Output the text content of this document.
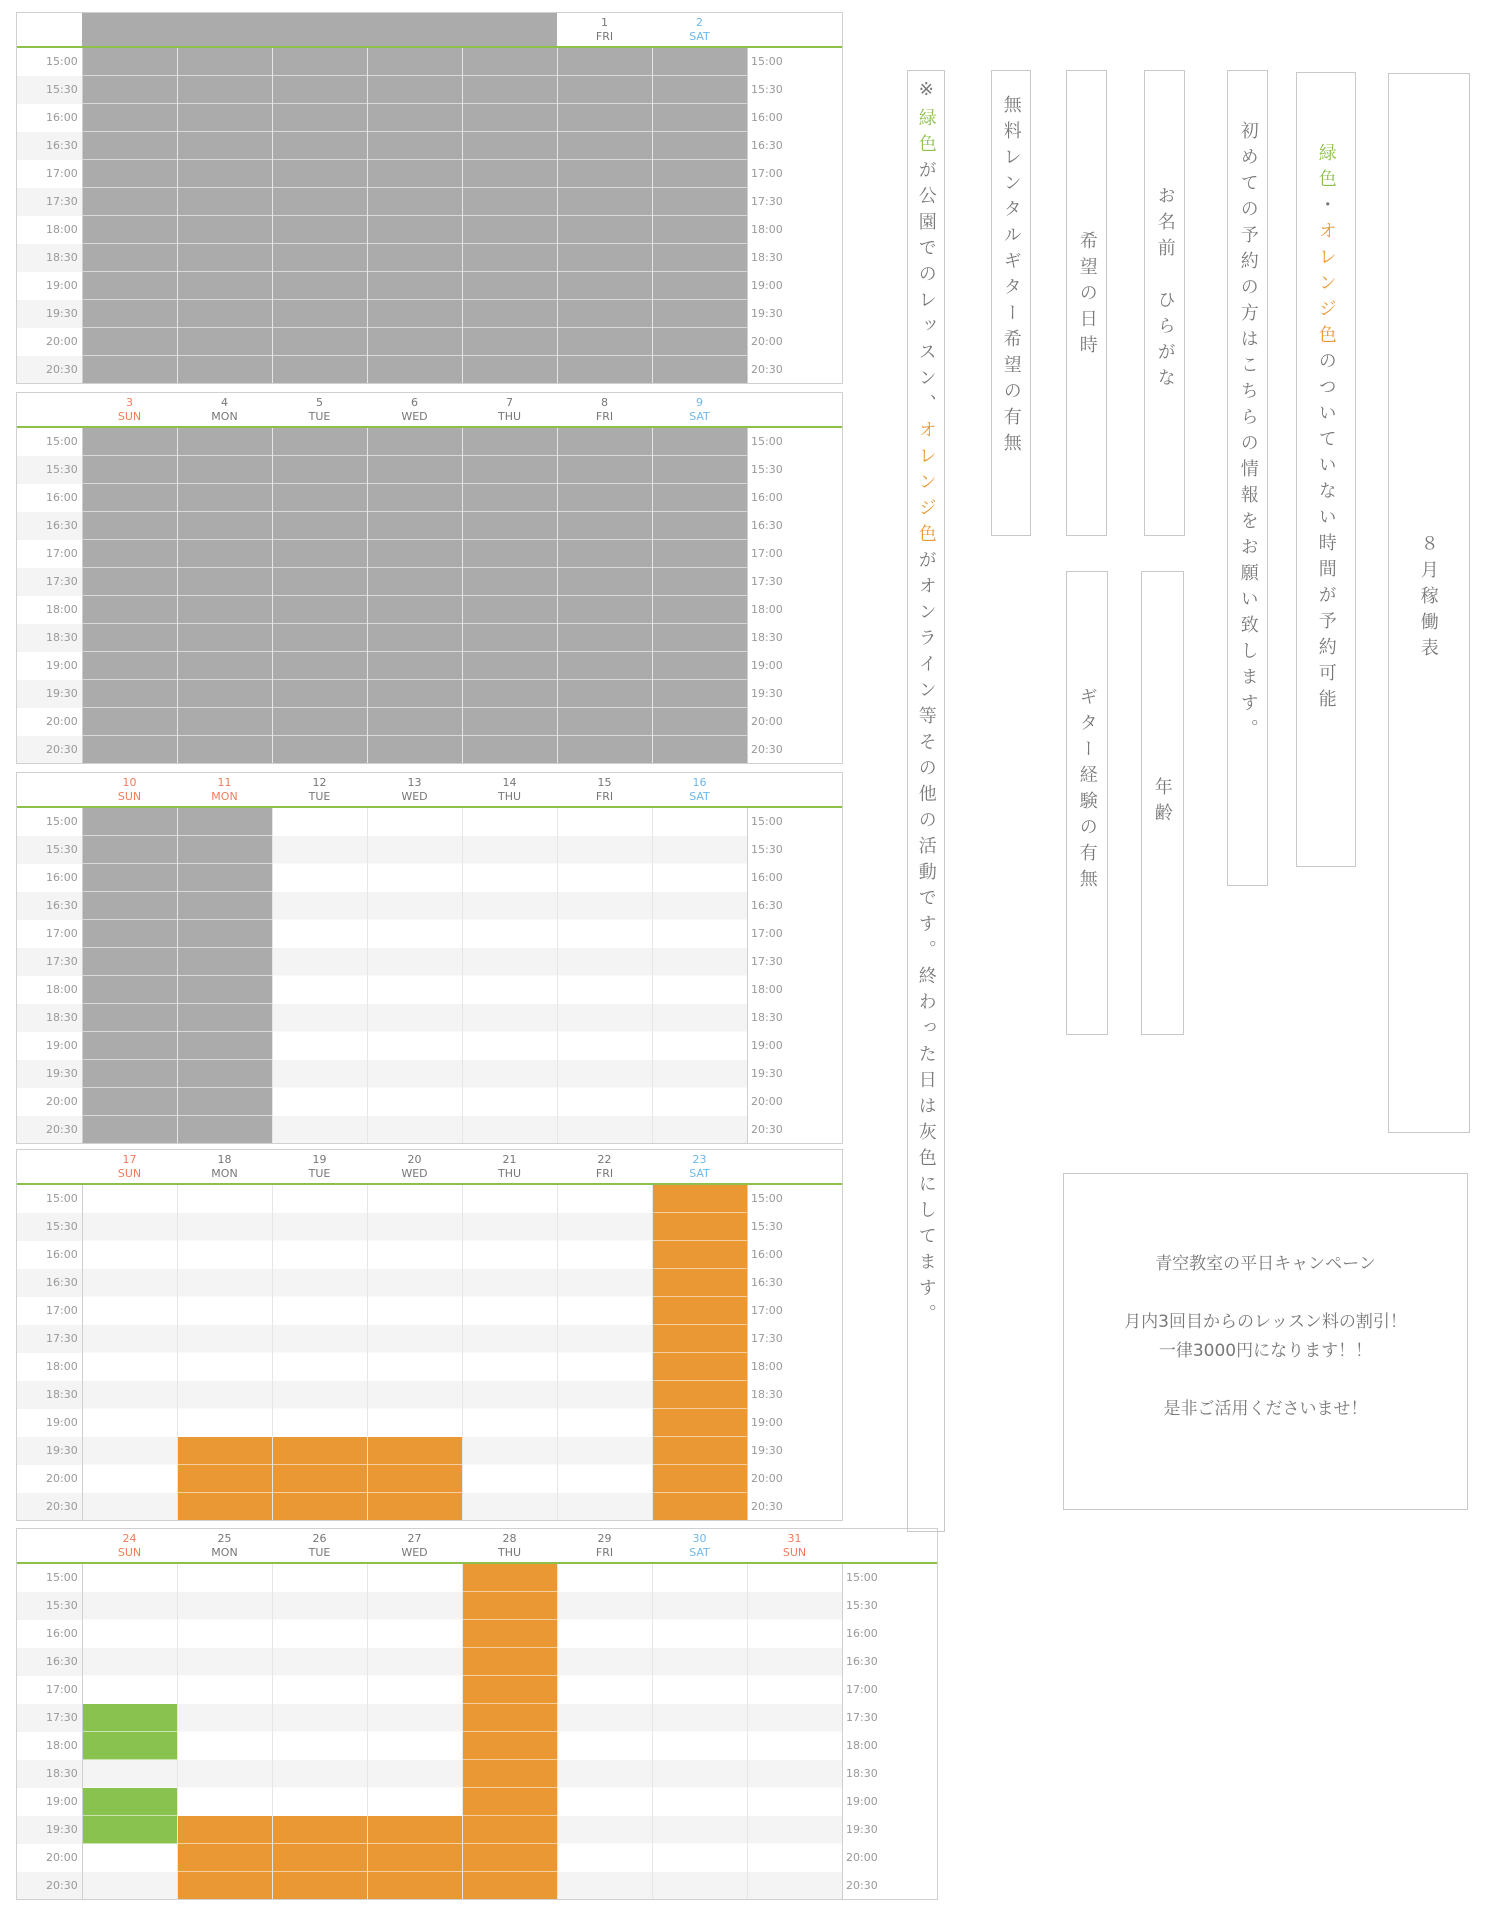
1
FRI
2
SAT
15:00	15:00
15:30	15:30
16:00	16:00
16:30	16:30
17:00	17:00
17:30	17:30
18:00	18:00
18:30	18:30
19:00	19:00
19:30	19:30
20:00	20:00
20:30	20:30
3
SUN
4
MON
5
TUE
6
WED
7
THU
8
FRI
9
SAT
15:00	15:00
15:30	15:30
16:00	16:00
16:30	16:30
17:00	17:00
17:30	17:30
18:00	18:00
18:30	18:30
19:00	19:00
19:30	19:30
20:00	20:00
20:30	20:30
10
SUN
11
MON
12
TUE
13
WED
14
THU
15
FRI
16
SAT
15:00	15:00
15:30	15:30
16:00	16:00
16:30	16:30
17:00	17:00
17:30	17:30
18:00	18:00
18:30	18:30
19:00	19:00
19:30	19:30
20:00	20:00
20:30	20:30
17
SUN
18
MON
19
TUE
20
WED
21
THU
22
FRI
23
SAT
15:00	15:00
15:30	15:30
16:00	16:00
16:30	16:30
17:00	17:00
17:30	17:30
18:00	18:00
18:30	18:30
19:00	19:00
19:30	19:30
20:00	20:00
20:30	20:30
24
SUN
25
MON
26
TUE
27
WED
28
THU
29
FRI
30
SAT
31
SUN
15:00	15:00
15:30	15:30
16:00	16:00
16:30	16:30
17:00	17:00
17:30	17:30
18:00	18:00
18:30	18:30
19:00	19:00
19:30	19:30
20:00	20:00
20:30	20:30
※緑色が公園でのレッスン、オレンジ色がオンライン等その他の活動です。終わった日は灰色にしてます。
無料レンタルギター希望の有無	希望の日時	お名前　ひらがな	初めての予約の方はこちらの情報をお願い致します。	緑色・オレンジ色のついていない時間が予約可能	８月稼働表
ギター経験の有無	年齢
青空教室の平日キャンペーン
月内3回目からのレッスン料の割引！
一律3000円になります！！
是非ご活用くださいませ！
